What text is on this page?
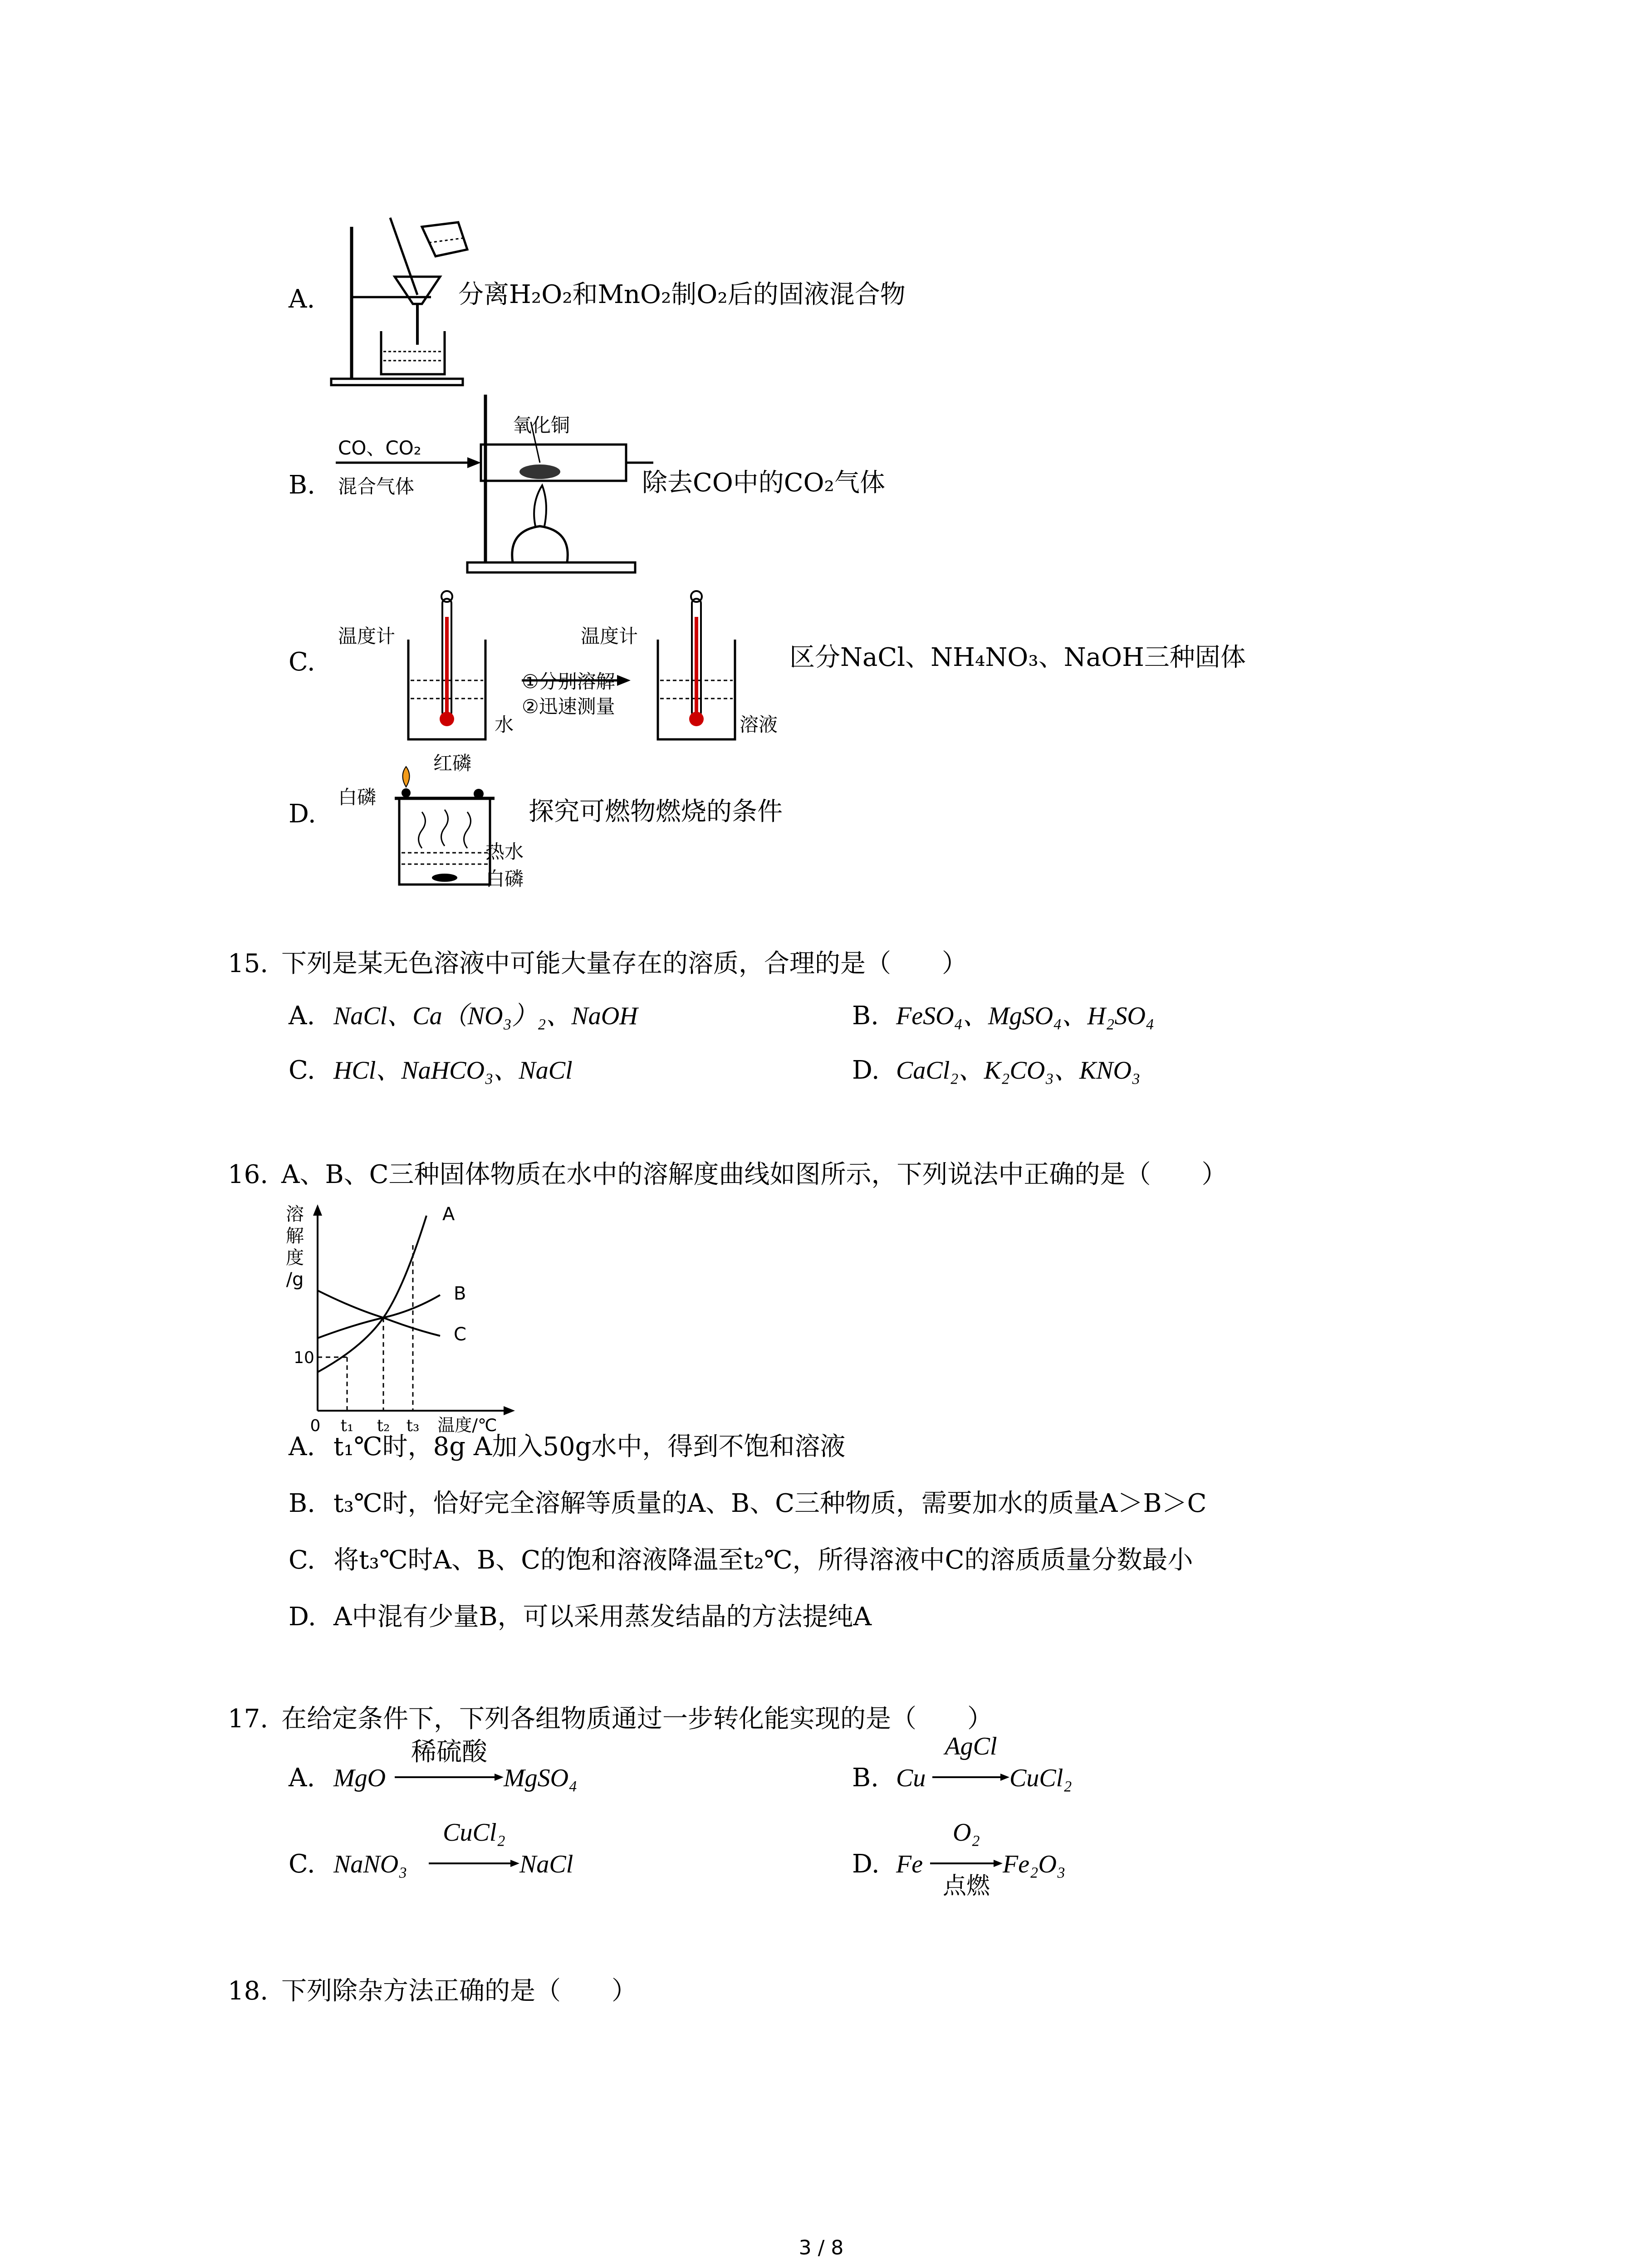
A.	分离H₂O₂和MnO₂制O₂后的固液混合物
B.
CO、CO₂
混合气体
氧化铜
除去CO中的CO₂气体
C.
温度计
水
①分别溶解
②迅速测量
温度计
溶液
区分NaCl、NH₄NO₃、NaOH三种固体
D.
白磷
红磷
热水
白磷
探究可燃物燃烧的条件
15. 下列是某无色溶液中可能大量存在的溶质，合理的是（　　）
A. NaCl、Ca（NO₃）₂、NaOH	B. FeSO₄、MgSO₄、H₂SO₄
C. HCl、NaHCO₃、NaCl	D. CaCl₂、K₂CO₃、KNO₃
16. A、B、C三种固体物质在水中的溶解度曲线如图所示，下列说法中正确的是（　　）
溶解度/g
10
0 t₁ t₂ t₃ 温度/℃
A
B
C
A. t₁℃时，8g A加入50g水中，得到不饱和溶液
B. t₃℃时，恰好完全溶解等质量的A、B、C三种物质，需要加水的质量A＞B＞C
C. 将t₃℃时A、B、C的饱和溶液降温至t₂℃，所得溶液中C的溶质质量分数最小
D. A中混有少量B，可以采用蒸发结晶的方法提纯A
17. 在给定条件下，下列各组物质通过一步转化能实现的是（　　）
A. MgO
稀硫酸
MgSO₄	B. Cu
AgCl
CuCl₂
C. NaNO₃
CuCl₂
NaCl	D. Fe
O₂
点燃
Fe₂O₃
18. 下列除杂方法正确的是（　　）
3 / 8
